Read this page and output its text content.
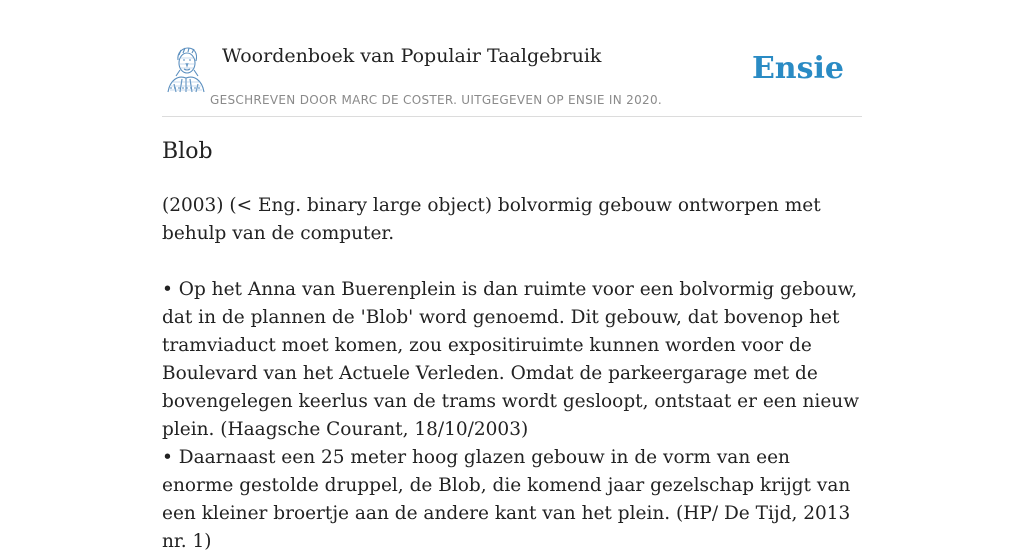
Woordenboek van Populair Taalgebruik
GESCHREVEN DOOR MARC DE COSTER. UITGEGEVEN OP ENSIE IN 2020.
Ensie
Blob

(2003) (< Eng. binary large object) bolvormig gebouw ontworpen met behulp van de computer.

• Op het Anna van Buerenplein is dan ruimte voor een bolvormig gebouw, dat in de plannen de 'Blob' word genoemd. Dit gebouw, dat bovenop het tramviaduct moet komen, zou expositiruimte kunnen worden voor de Boulevard van het Actuele Verleden. Omdat de parkeergarage met de bovengelegen keerlus van de trams wordt gesloopt, ontstaat er een nieuw plein. (Haagsche Courant, 18/10/2003)

• Daarnaast een 25 meter hoog glazen gebouw in de vorm van een enorme gestolde druppel, de Blob, die komend jaar gezelschap krijgt van een kleiner broertje aan de andere kant van het plein. (HP/ De Tijd, 2013 nr. 1)
